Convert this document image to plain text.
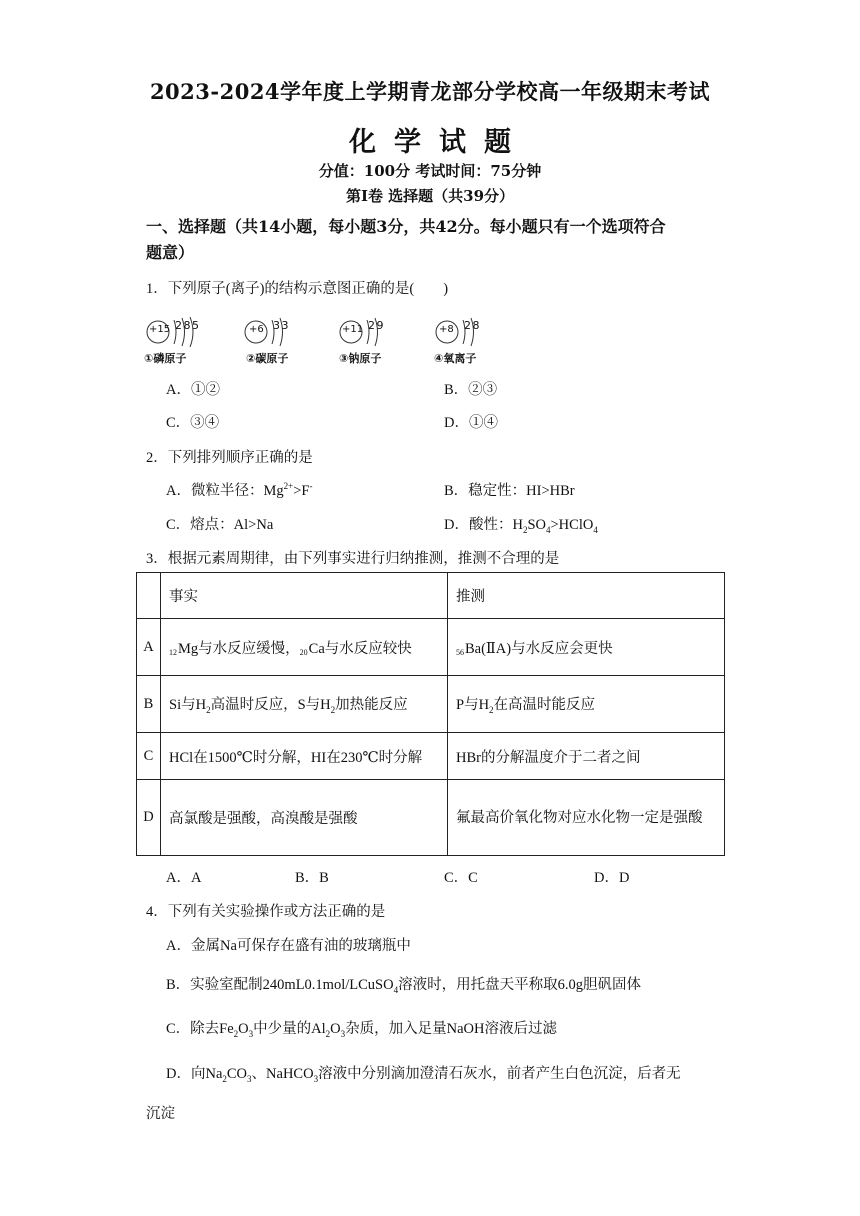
2023-2024学年度上学期青龙部分学校高一年级期末考试
化学试题
分值：100分 考试时间：75分钟
第I卷 选择题（共39分）
一、选择题（共14小题，每小题3分，共42分。每小题只有一个选项符合
题意）
1．下列原子(离子)的结构示意图正确的是(　　)
+15 2 8 5
①磷原子
+6 3 3
②碳原子
+11 2 9
③钠原子
+8 2 8
④氧离子
A．①②	B．②③
C．③④	D．①④
2．下列排列顺序正确的是
A．微粒半径：$Mg^{2+}>F^-$	B．稳定性：HI>HBr
C．熔点：Al>Na	D．酸性：$H_2SO_4>HClO_4$
3．根据元素周期律，由下列事实进行归纳推测，推测不合理的是
	事实	推测
A	12Mg与水反应缓慢，20Ca与水反应较快	56Ba(ⅡA)与水反应会更快
B	Si与$H_2$高温时反应，S与$H_2$加热能反应	P与$H_2$在高温时能反应
C	HCl在1500℃时分解，HI在230℃时分解	HBr的分解温度介于二者之间
D	高氯酸是强酸，高溴酸是强酸	氟最高价氧化物对应水化物一定是强酸
A．A	B．B	C．C	D．D
4．下列有关实验操作或方法正确的是
A．金属Na可保存在盛有油的玻璃瓶中
B．实验室配制240mL0.1mol/LCuSO$_4$溶液时，用托盘天平称取6.0g胆矾固体
C．除去$Fe_2O_3$中少量的$Al_2O_3$杂质，加入足量NaOH溶液后过滤
D．向$Na_2CO_3$、NaHCO$_3$溶液中分别滴加澄清石灰水，前者产生白色沉淀，后者无
沉淀
